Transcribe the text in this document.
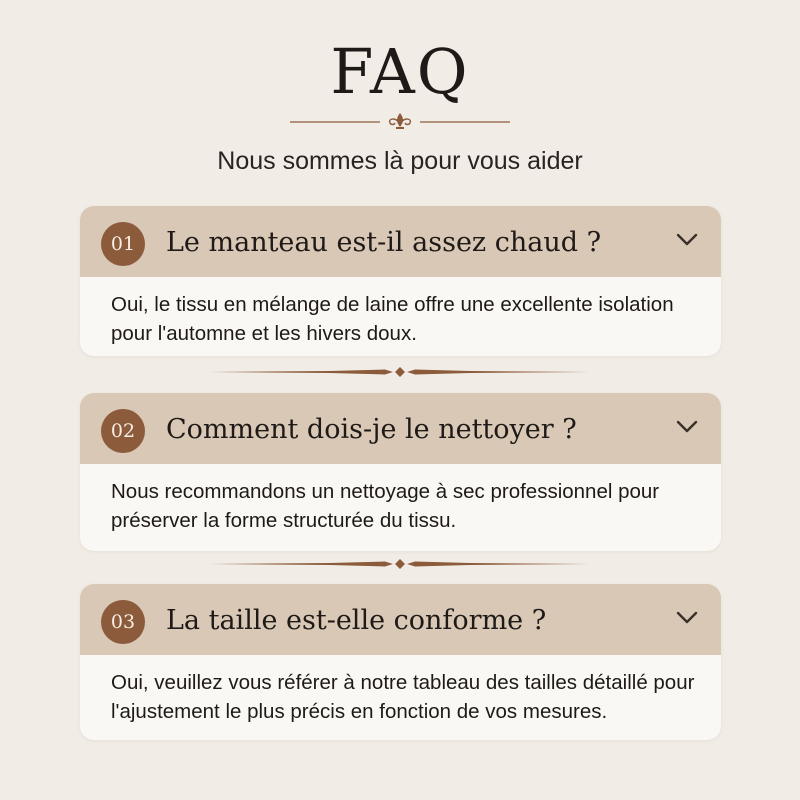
FAQ
Nous sommes là pour vous aider
01	Le manteau est-il assez chaud ?
Oui, le tissu en mélange de laine offre une excellente isolation pour l'automne et les hivers doux.
02	Comment dois-je le nettoyer ?
Nous recommandons un nettoyage à sec professionnel pour préserver la forme structurée du tissu.
03	La taille est-elle conforme ?
Oui, veuillez vous référer à notre tableau des tailles détaillé pour l'ajustement le plus précis en fonction de vos mesures.
